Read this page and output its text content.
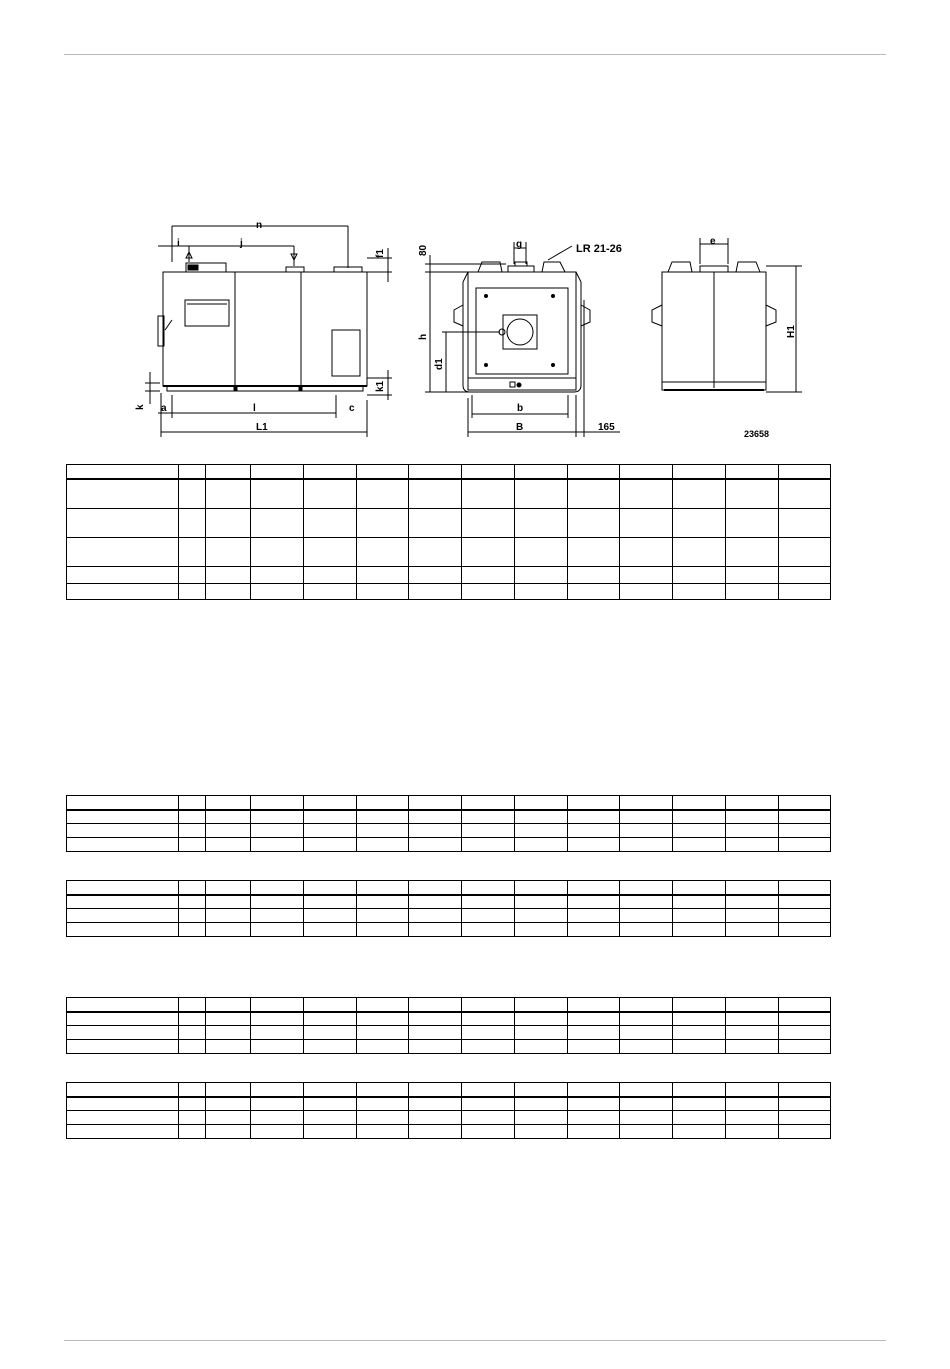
n
i	j
f1
k
k1
a	l	c
L1
80
g	LR 21-26
h
d1
b
B	165
e
H1
23658
